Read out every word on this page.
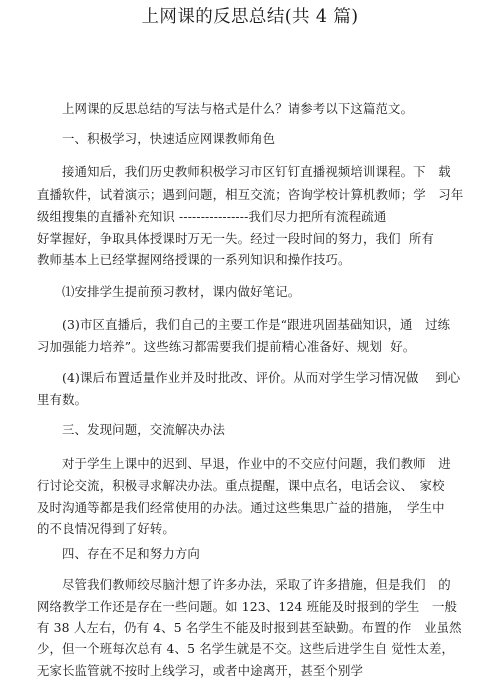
上网课的反思总结(共 4 篇)
上网课的反思总结的写法与格式是什么？请参考以下这篇范文。
一、积极学习，快速适应网课教师角色
接通知后，我们历史教师积极学习市区钉钉直播视频培训课程。下　载
直播软件，试着演示；遇到问题，相互交流；咨询学校计算机教师；学　习年
级组搜集的直播补充知识 ----------------我们尽力把所有流程疏通
好掌握好，争取具体授课时万无一失。经过一段时间的努力，我们  所有
教师基本上已经掌握网络授课的一系列知识和操作技巧。
⑴安排学生提前预习教材，课内做好笔记。
(3)市区直播后，我们自己的主要工作是“跟进巩固基础知识，通　过练
习加强能力培养”。这些练习都需要我们提前精心准备好、规划  好。
(4)课后布置适量作业并及时批改、评价。从而对学生学习情况做　 到心
里有数。
三、发现问题，交流解决办法
对于学生上课中的迟到、早退，作业中的不交应付问题，我们教师　进
行讨论交流，积极寻求解决办法。重点提醒，课中点名，电话会议、　家校
及时沟通等都是我们经常使用的办法。通过这些集思广益的措施，　学生中
的不良情况得到了好转。
四、存在不足和努力方向
尽管我们教师绞尽脑汁想了许多办法，采取了许多措施，但是我们　的
网络教学工作还是存在一些问题。如 123、124 班能及时报到的学生　一般
有 38 人左右，仍有 4、5 名学生不能及时报到甚至缺勤。布置的作　业虽然
少，但一个班每次总有 4、5 名学生就是不交。这些后进学生自 觉性太差，
无家长监管就不按时上线学习，或者中途离开，甚至个别学
